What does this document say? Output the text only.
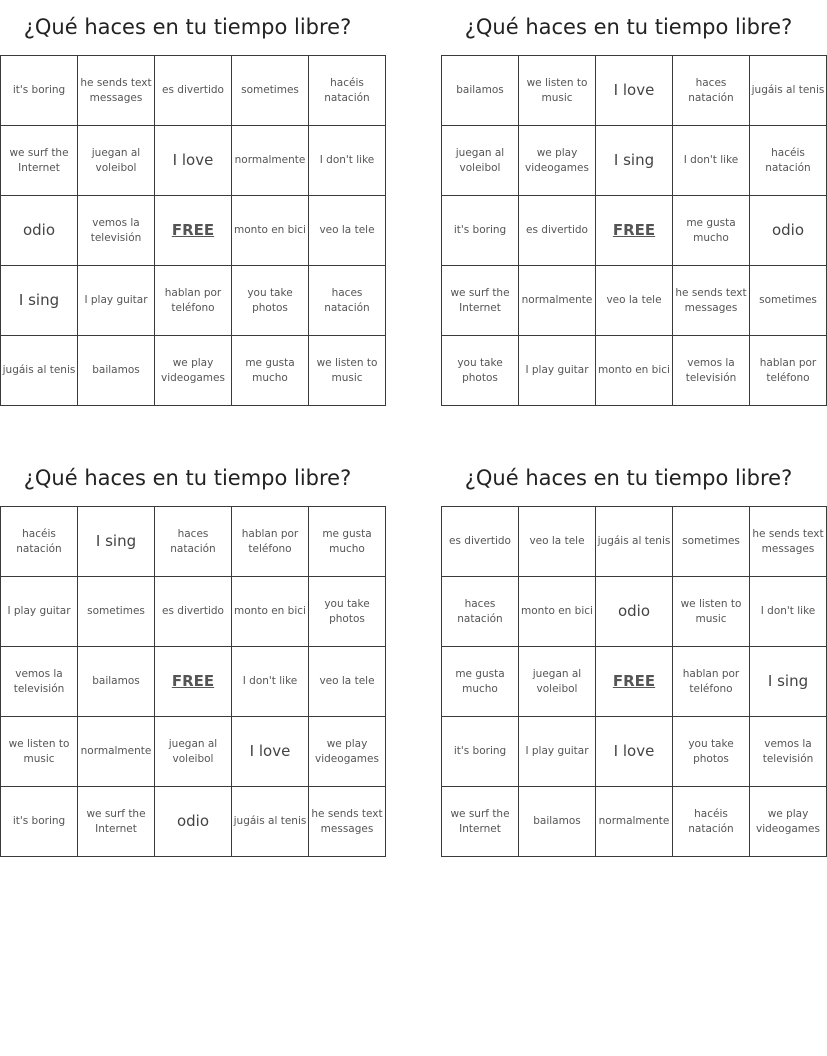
¿Qué haces en tu tiempo libre?
it's boring	he sends text messages	es divertido	sometimes	hacéis natación
we surf the Internet	juegan al voleibol	I love	normalmente	I don't like
odio	vemos la televisión	FREE	monto en bici	veo la tele
I sing	I play guitar	hablan por teléfono	you take photos	haces natación
jugáis al tenis	bailamos	we play videogames	me gusta mucho	we listen to music
¿Qué haces en tu tiempo libre?
bailamos	we listen to music	I love	haces natación	jugáis al tenis
juegan al voleibol	we play videogames	I sing	I don't like	hacéis natación
it's boring	es divertido	FREE	me gusta mucho	odio
we surf the Internet	normalmente	veo la tele	he sends text messages	sometimes
you take photos	I play guitar	monto en bici	vemos la televisión	hablan por teléfono
¿Qué haces en tu tiempo libre?
hacéis natación	I sing	haces natación	hablan por teléfono	me gusta mucho
I play guitar	sometimes	es divertido	monto en bici	you take photos
vemos la televisión	bailamos	FREE	I don't like	veo la tele
we listen to music	normalmente	juegan al voleibol	I love	we play videogames
it's boring	we surf the Internet	odio	jugáis al tenis	he sends text messages
¿Qué haces en tu tiempo libre?
es divertido	veo la tele	jugáis al tenis	sometimes	he sends text messages
haces natación	monto en bici	odio	we listen to music	I don't like
me gusta mucho	juegan al voleibol	FREE	hablan por teléfono	I sing
it's boring	I play guitar	I love	you take photos	vemos la televisión
we surf the Internet	bailamos	normalmente	hacéis natación	we play videogames
